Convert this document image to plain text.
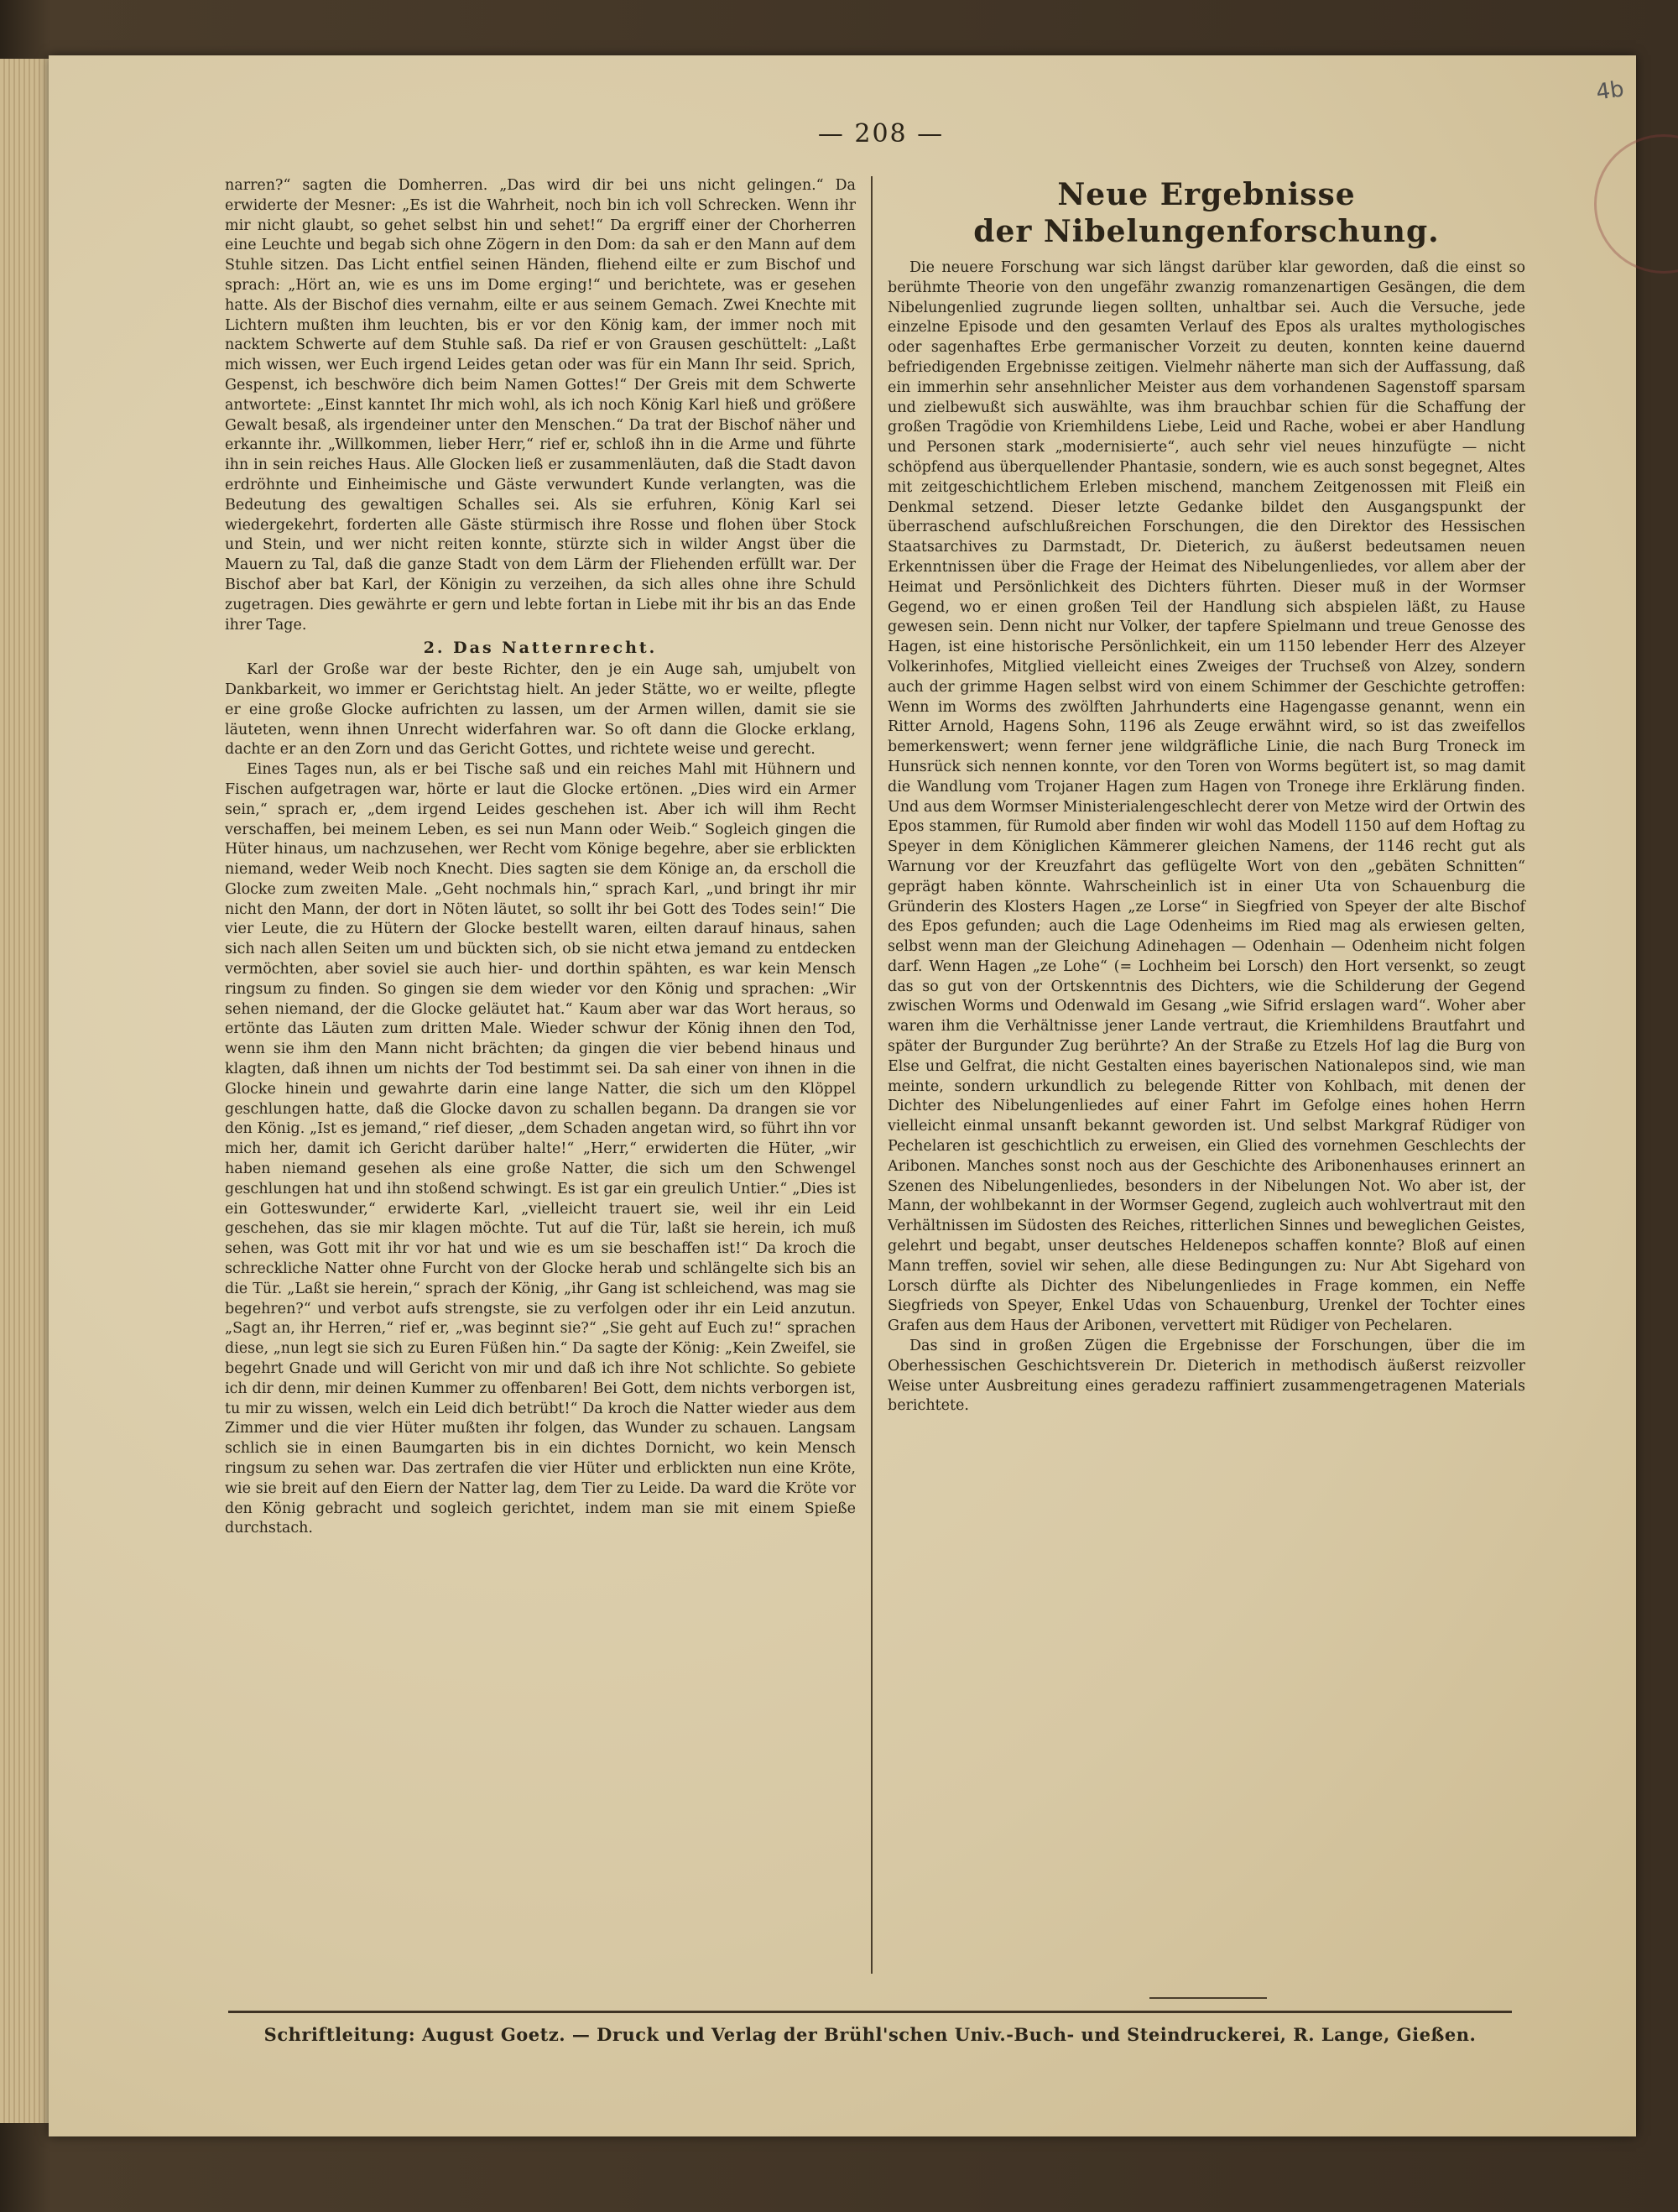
4b
— 208 —

narren?“ sagten die Domherren. „Das wird dir bei uns nicht gelingen.“ Da erwiderte der Mesner: „Es ist die Wahrheit, noch bin ich voll Schrecken. Wenn ihr mir nicht glaubt, so gehet selbst hin und sehet!“ Da ergriff einer der Chorherren eine Leuchte und begab sich ohne Zögern in den Dom: da sah er den Mann auf dem Stuhle sitzen. Das Licht entfiel seinen Händen, fliehend eilte er zum Bischof und sprach: „Hört an, wie es uns im Dome erging!“ und berichtete, was er gesehen hatte. Als der Bischof dies vernahm, eilte er aus seinem Gemach. Zwei Knechte mit Lichtern mußten ihm leuchten, bis er vor den König kam, der immer noch mit nacktem Schwerte auf dem Stuhle saß. Da rief er von Grausen geschüttelt: „Laßt mich wissen, wer Euch irgend Leides getan oder was für ein Mann Ihr seid. Sprich, Gespenst, ich beschwöre dich beim Namen Gottes!“ Der Greis mit dem Schwerte antwortete: „Einst kanntet Ihr mich wohl, als ich noch König Karl hieß und größere Gewalt besaß, als irgendeiner unter den Menschen.“ Da trat der Bischof näher und erkannte ihr. „Willkommen, lieber Herr,“ rief er, schloß ihn in die Arme und führte ihn in sein reiches Haus. Alle Glocken ließ er zusammenläuten, daß die Stadt davon erdröhnte und Einheimische und Gäste verwundert Kunde verlangten, was die Bedeutung des gewaltigen Schalles sei. Als sie erfuhren, König Karl sei wiedergekehrt, forderten alle Gäste stürmisch ihre Rosse und flohen über Stock und Stein, und wer nicht reiten konnte, stürzte sich in wilder Angst über die Mauern zu Tal, daß die ganze Stadt von dem Lärm der Fliehenden erfüllt war. Der Bischof aber bat Karl, der Königin zu verzeihen, da sich alles ohne ihre Schuld zugetragen. Dies gewährte er gern und lebte fortan in Liebe mit ihr bis an das Ende ihrer Tage.

2. Das Natternrecht.

Karl der Große war der beste Richter, den je ein Auge sah, umjubelt von Dankbarkeit, wo immer er Gerichtstag hielt. An jeder Stätte, wo er weilte, pflegte er eine große Glocke aufrichten zu lassen, um der Armen willen, damit sie sie läuteten, wenn ihnen Unrecht widerfahren war. So oft dann die Glocke erklang, dachte er an den Zorn und das Gericht Gottes, und richtete weise und gerecht.

Eines Tages nun, als er bei Tische saß und ein reiches Mahl mit Hühnern und Fischen aufgetragen war, hörte er laut die Glocke ertönen. „Dies wird ein Armer sein,“ sprach er, „dem irgend Leides geschehen ist. Aber ich will ihm Recht verschaffen, bei meinem Leben, es sei nun Mann oder Weib.“ Sogleich gingen die Hüter hinaus, um nachzusehen, wer Recht vom Könige begehre, aber sie erblickten niemand, weder Weib noch Knecht. Dies sagten sie dem Könige an, da erscholl die Glocke zum zweiten Male. „Geht nochmals hin,“ sprach Karl, „und bringt ihr mir nicht den Mann, der dort in Nöten läutet, so sollt ihr bei Gott des Todes sein!“ Die vier Leute, die zu Hütern der Glocke bestellt waren, eilten darauf hinaus, sahen sich nach allen Seiten um und bückten sich, ob sie nicht etwa jemand zu entdecken vermöchten, aber soviel sie auch hier- und dorthin spähten, es war kein Mensch ringsum zu finden. So gingen sie dem wieder vor den König und sprachen: „Wir sehen niemand, der die Glocke geläutet hat.“ Kaum aber war das Wort heraus, so ertönte das Läuten zum dritten Male. Wieder schwur der König ihnen den Tod, wenn sie ihm den Mann nicht brächten; da gingen die vier bebend hinaus und klagten, daß ihnen um nichts der Tod bestimmt sei. Da sah einer von ihnen in die Glocke hinein und gewahrte darin eine lange Natter, die sich um den Klöppel geschlungen hatte, daß die Glocke davon zu schallen begann. Da drangen sie vor den König. „Ist es jemand,“ rief dieser, „dem Schaden angetan wird, so führt ihn vor mich her, damit ich Gericht darüber halte!“ „Herr,“ erwiderten die Hüter, „wir haben niemand gesehen als eine große Natter, die sich um den Schwengel geschlungen hat und ihn stoßend schwingt. Es ist gar ein greulich Untier.“ „Dies ist ein Gotteswunder,“ erwiderte Karl, „vielleicht trauert sie, weil ihr ein Leid geschehen, das sie mir klagen möchte. Tut auf die Tür, laßt sie herein, ich muß sehen, was Gott mit ihr vor hat und wie es um sie beschaffen ist!“ Da kroch die schreckliche Natter ohne Furcht von der Glocke herab und schlängelte sich bis an die Tür. „Laßt sie herein,“ sprach der König, „ihr Gang ist schleichend, was mag sie begehren?“ und verbot aufs strengste, sie zu verfolgen oder ihr ein Leid anzutun. „Sagt an, ihr Herren,“ rief er, „was beginnt sie?“ „Sie geht auf Euch zu!“ sprachen diese, „nun legt sie sich zu Euren Füßen hin.“ Da sagte der König: „Kein Zweifel, sie begehrt Gnade und will Gericht von mir und daß ich ihre Not schlichte. So gebiete ich dir denn, mir deinen Kummer zu offenbaren! Bei Gott, dem nichts verborgen ist, tu mir zu wissen, welch ein Leid dich betrübt!“ Da kroch die Natter wieder aus dem Zimmer und die vier Hüter mußten ihr folgen, das Wunder zu schauen. Langsam schlich sie in einen Baumgarten bis in ein dichtes Dornicht, wo kein Mensch ringsum zu sehen war. Das zertrafen die vier Hüter und erblickten nun eine Kröte, wie sie breit auf den Eiern der Natter lag, dem Tier zu Leide. Da ward die Kröte vor den König gebracht und sogleich gerichtet, indem man sie mit einem Spieße durchstach.

Neue Ergebnisse
der Nibelungenforschung.

Die neuere Forschung war sich längst darüber klar geworden, daß die einst so berühmte Theorie von den ungefähr zwanzig romanzenartigen Gesängen, die dem Nibelungenlied zugrunde liegen sollten, unhaltbar sei. Auch die Versuche, jede einzelne Episode und den gesamten Verlauf des Epos als uraltes mythologisches oder sagenhaftes Erbe germanischer Vorzeit zu deuten, konnten keine dauernd befriedigenden Ergebnisse zeitigen. Vielmehr näherte man sich der Auffassung, daß ein immerhin sehr ansehnlicher Meister aus dem vorhandenen Sagenstoff sparsam und zielbewußt sich auswählte, was ihm brauchbar schien für die Schaffung der großen Tragödie von Kriemhildens Liebe, Leid und Rache, wobei er aber Handlung und Personen stark „modernisierte“, auch sehr viel neues hinzufügte — nicht schöpfend aus überquellender Phantasie, sondern, wie es auch sonst begegnet, Altes mit zeitgeschichtlichem Erleben mischend, manchem Zeitgenossen mit Fleiß ein Denkmal setzend. Dieser letzte Gedanke bildet den Ausgangspunkt der überraschend aufschlußreichen Forschungen, die den Direktor des Hessischen Staatsarchives zu Darmstadt, Dr. Dieterich, zu äußerst bedeutsamen neuen Erkenntnissen über die Frage der Heimat des Nibelungenliedes, vor allem aber der Heimat und Persönlichkeit des Dichters führten. Dieser muß in der Wormser Gegend, wo er einen großen Teil der Handlung sich abspielen läßt, zu Hause gewesen sein. Denn nicht nur Volker, der tapfere Spielmann und treue Genosse des Hagen, ist eine historische Persönlichkeit, ein um 1150 lebender Herr des Alzeyer Volkerinhofes, Mitglied vielleicht eines Zweiges der Truchseß von Alzey, sondern auch der grimme Hagen selbst wird von einem Schimmer der Geschichte getroffen: Wenn im Worms des zwölften Jahrhunderts eine Hagengasse genannt, wenn ein Ritter Arnold, Hagens Sohn, 1196 als Zeuge erwähnt wird, so ist das zweifellos bemerkenswert; wenn ferner jene wildgräfliche Linie, die nach Burg Troneck im Hunsrück sich nennen konnte, vor den Toren von Worms begütert ist, so mag damit die Wandlung vom Trojaner Hagen zum Hagen von Tronege ihre Erklärung finden. Und aus dem Wormser Ministerialengeschlecht derer von Metze wird der Ortwin des Epos stammen, für Rumold aber finden wir wohl das Modell 1150 auf dem Hoftag zu Speyer in dem Königlichen Kämmerer gleichen Namens, der 1146 recht gut als Warnung vor der Kreuzfahrt das geflügelte Wort von den „gebäten Schnitten“ geprägt haben könnte. Wahrscheinlich ist in einer Uta von Schauenburg die Gründerin des Klosters Hagen „ze Lorse“ in Siegfried von Speyer der alte Bischof des Epos gefunden; auch die Lage Odenheims im Ried mag als erwiesen gelten, selbst wenn man der Gleichung Adinehagen — Odenhain — Odenheim nicht folgen darf. Wenn Hagen „ze Lohe“ (= Lochheim bei Lorsch) den Hort versenkt, so zeugt das so gut von der Ortskenntnis des Dichters, wie die Schilderung der Gegend zwischen Worms und Odenwald im Gesang „wie Sifrid erslagen ward“. Woher aber waren ihm die Verhältnisse jener Lande vertraut, die Kriemhildens Brautfahrt und später der Burgunder Zug berührte? An der Straße zu Etzels Hof lag die Burg von Else und Gelfrat, die nicht Gestalten eines bayerischen Nationalepos sind, wie man meinte, sondern urkundlich zu belegende Ritter von Kohlbach, mit denen der Dichter des Nibelungenliedes auf einer Fahrt im Gefolge eines hohen Herrn vielleicht einmal unsanft bekannt geworden ist. Und selbst Markgraf Rüdiger von Pechelaren ist geschichtlich zu erweisen, ein Glied des vornehmen Geschlechts der Aribonen. Manches sonst noch aus der Geschichte des Aribonenhauses erinnert an Szenen des Nibelungenliedes, besonders in der Nibelungen Not. Wo aber ist, der Mann, der wohlbekannt in der Wormser Gegend, zugleich auch wohlvertraut mit den Verhältnissen im Südosten des Reiches, ritterlichen Sinnes und beweglichen Geistes, gelehrt und begabt, unser deutsches Heldenepos schaffen konnte? Bloß auf einen Mann treffen, soviel wir sehen, alle diese Bedingungen zu: Nur Abt Sigehard von Lorsch dürfte als Dichter des Nibelungenliedes in Frage kommen, ein Neffe Siegfrieds von Speyer, Enkel Udas von Schauenburg, Urenkel der Tochter eines Grafen aus dem Haus der Aribonen, vervettert mit Rüdiger von Pechelaren.

Das sind in großen Zügen die Ergebnisse der Forschungen, über die im Oberhessischen Geschichtsverein Dr. Dieterich in methodisch äußerst reizvoller Weise unter Ausbreitung eines geradezu raffiniert zusammengetragenen Materials berichtete.

Schriftleitung: August Goetz. — Druck und Verlag der Brühl'schen Univ.-Buch- und Steindruckerei, R. Lange, Gießen.
